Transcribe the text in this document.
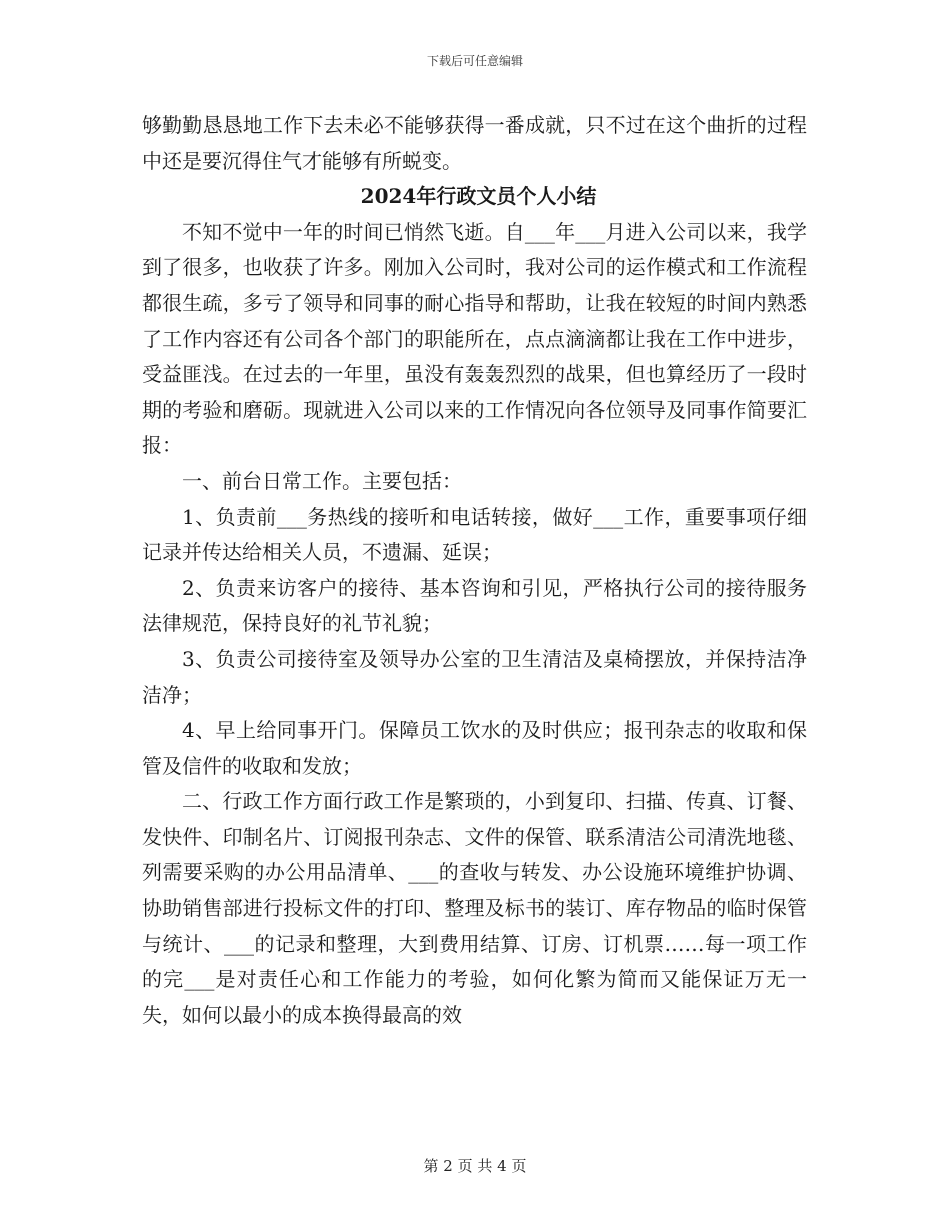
下载后可任意编辑

够勤勤恳恳地工作下去未必不能够获得一番成就，只不过在这个曲折的过程中还是要沉得住气才能够有所蜕变。

2024年行政文员个人小结

不知不觉中一年的时间已悄然飞逝。自___年___月进入公司以来，我学到了很多，也收获了许多。刚加入公司时，我对公司的运作模式和工作流程都很生疏，多亏了领导和同事的耐心指导和帮助，让我在较短的时间内熟悉了工作内容还有公司各个部门的职能所在，点点滴滴都让我在工作中进步，受益匪浅。在过去的一年里，虽没有轰轰烈烈的战果，但也算经历了一段时期的考验和磨砺。现就进入公司以来的工作情况向各位领导及同事作简要汇报：

一、前台日常工作。主要包括：

1、负责前___务热线的接听和电话转接，做好___工作，重要事项仔细记录并传达给相关人员，不遗漏、延误；

2、负责来访客户的接待、基本咨询和引见，严格执行公司的接待服务法律规范，保持良好的礼节礼貌；

3、负责公司接待室及领导办公室的卫生清洁及桌椅摆放，并保持洁净洁净；

4、早上给同事开门。保障员工饮水的及时供应；报刊杂志的收取和保管及信件的收取和发放；

二、行政工作方面行政工作是繁琐的，小到复印、扫描、传真、订餐、发快件、印制名片、订阅报刊杂志、文件的保管、联系清洁公司清洗地毯、列需要采购的办公用品清单、___的查收与转发、办公设施环境维护协调、协助销售部进行投标文件的打印、整理及标书的装订、库存物品的临时保管与统计、___的记录和整理，大到费用结算、订房、订机票……每一项工作的完___是对责任心和工作能力的考验，如何化繁为简而又能保证万无一失，如何以最小的成本换得最高的效

第 2 页 共 4 页
